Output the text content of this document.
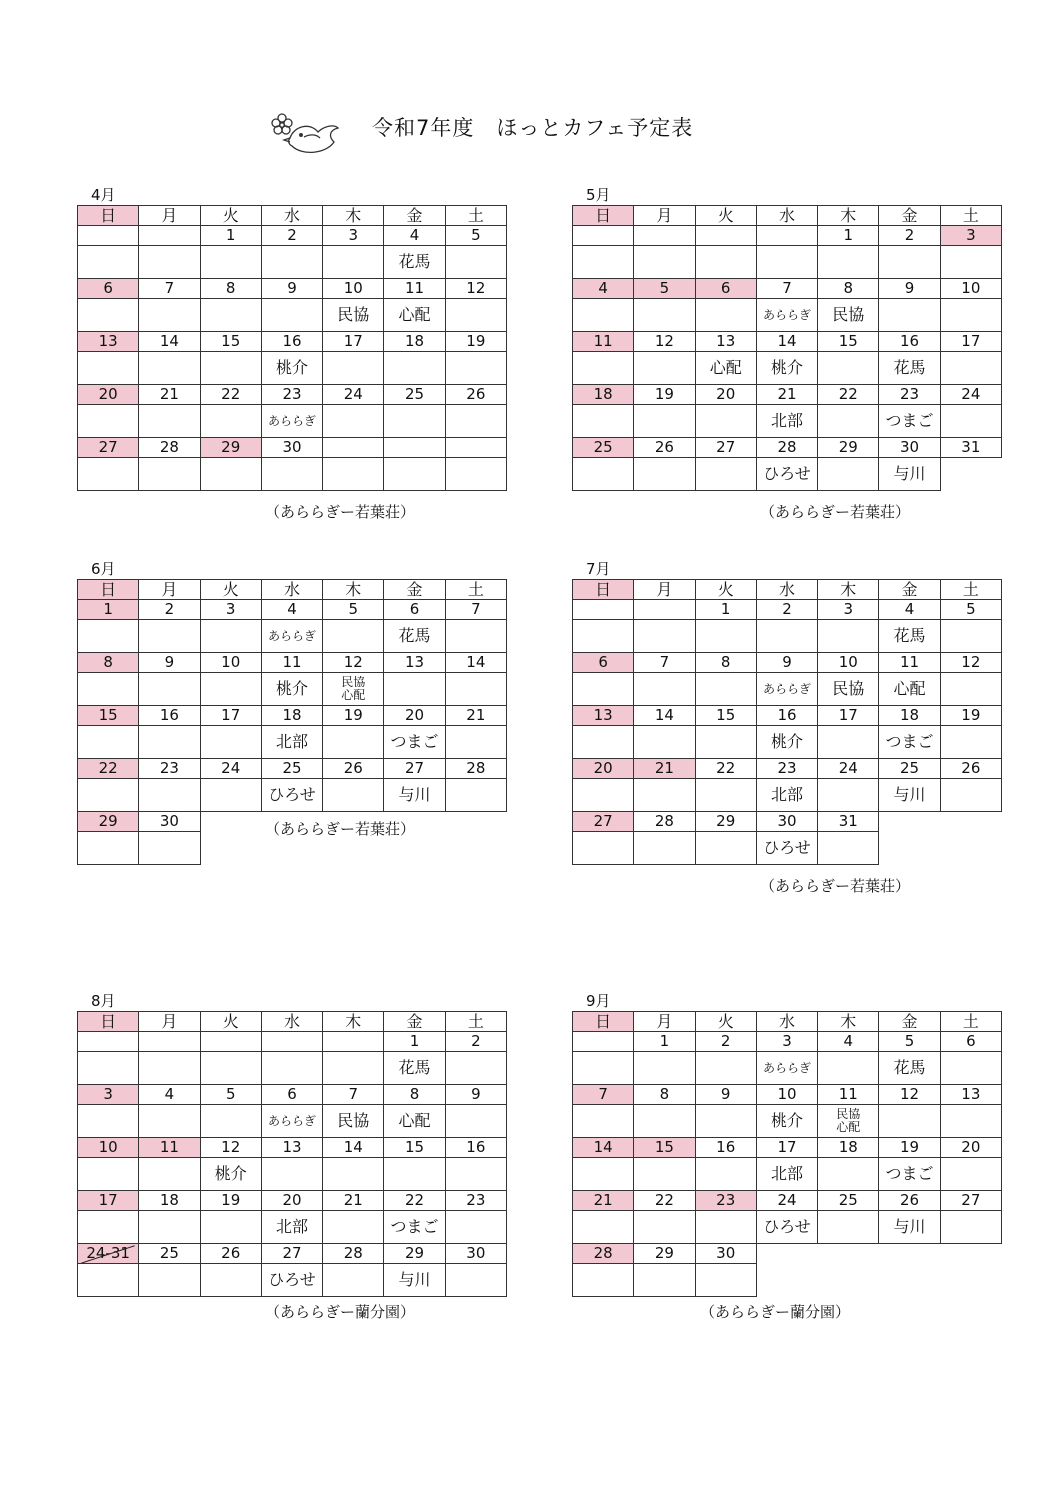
令和7年度　ほっとカフェ予定表
4月
日	月	火	水	木	金	土
		1	2	3	4	5
					花馬	
6	7	8	9	10	11	12
				民協	心配	
13	14	15	16	17	18	19
			桃介			
20	21	22	23	24	25	26
			あららぎ			
27	28	29	30			

（あららぎー若葉荘）
5月
日	月	火	水	木	金	土
				1	2	3

4	5	6	7	8	9	10
			あららぎ	民協		
11	12	13	14	15	16	17
		心配	桃介		花馬	
18	19	20	21	22	23	24
			北部		つまご	
25	26	27	28	29	30	31
			ひろせ		与川	
（あららぎー若葉荘）
6月
日	月	火	水	木	金	土
1	2	3	4	5	6	7
			あららぎ		花馬	
8	9	10	11	12	13	14
			桃介	民協
心配		

15	16	17	18	19	20	21
			北部		つまご	
22	23	24	25	26	27	28
			ひろせ		与川	
29	30					
							（あららぎー若葉荘）
7月
日	月	火	水	木	金	土
		1	2	3	4	5
					花馬	
6	7	8	9	10	11	12
			あららぎ	民協	心配	
13	14	15	16	17	18	19
			桃介		つまご	
20	21	22	23	24	25	26
			北部		与川	
27	28	29	30	31		
			ひろせ			
（あららぎー若葉荘）
8月
日	月	火	水	木	金	土
					1	2
					花馬	
3	4	5	6	7	8	9
			あららぎ	民協	心配	
10	11	12	13	14	15	16
		桃介				
17	18	19	20	21	22	23
			北部		つまご	
24-31	25	26	27	28	29	30
			ひろせ		与川	
（あららぎー蘭分園）
9月
日	月	火	水	木	金	土
	1	2	3	4	5	6
			あららぎ		花馬	
7	8	9	10	11	12	13
			桃介	民協
心配		

14	15	16	17	18	19	20
			北部		つまご	
21	22	23	24	25	26	27
			ひろせ		与川	
28	29	30				

（あららぎー蘭分園）
